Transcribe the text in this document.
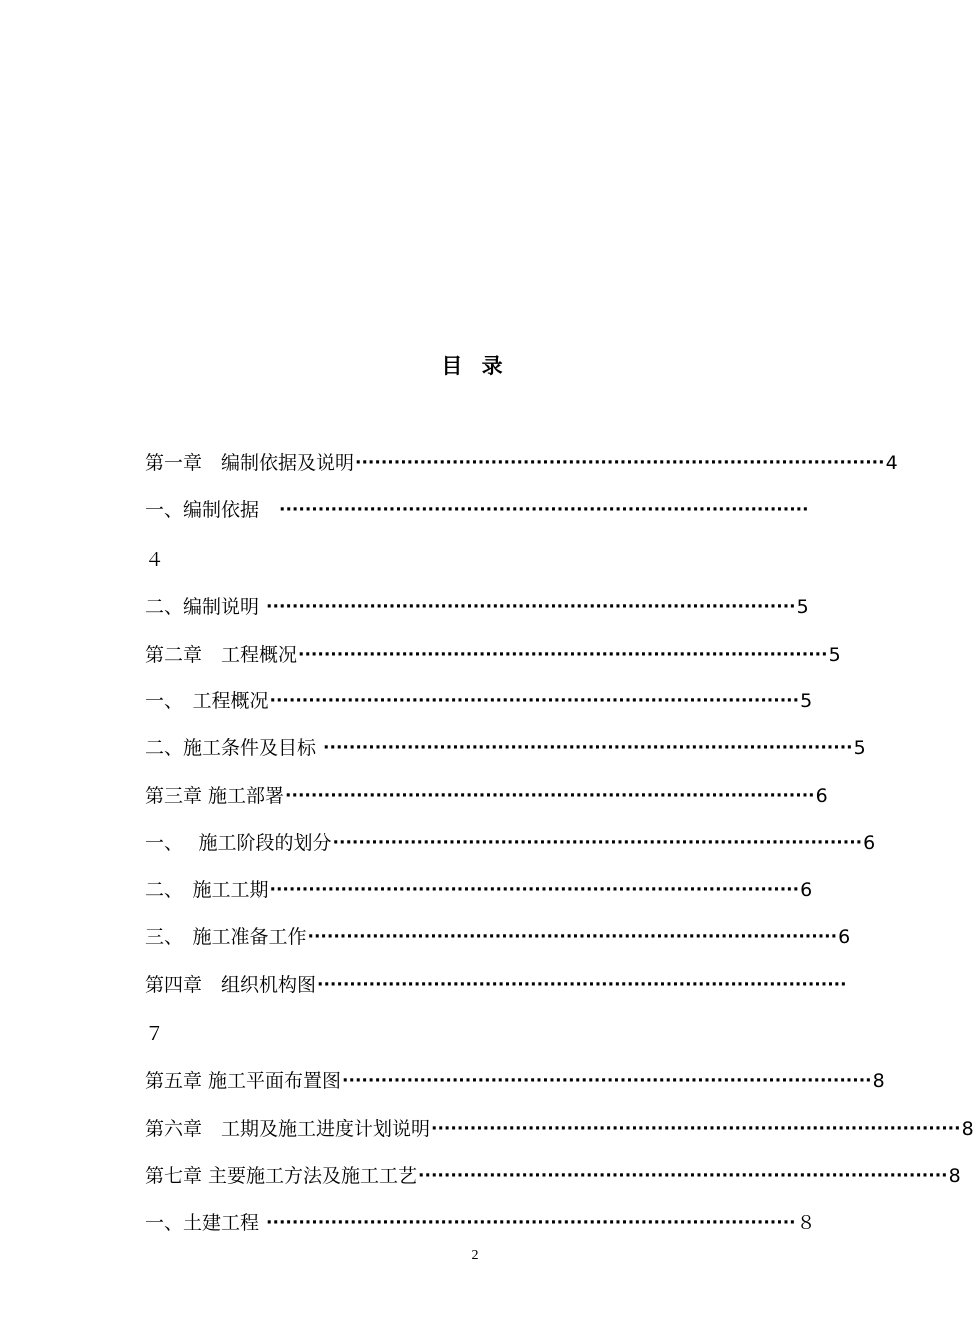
目 录
第一章　编制依据及说明 ·················································································· 4
一、编制依据　 ··················································································
４
二、编制说明 ·················································································· 5
第二章　工程概况 ·················································································· 5
一、　工程概况 ·················································································· 5
二、施工条件及目标 ·················································································· 5
第三章 施工部署 ·················································································· 6
一、　 施工阶段的划分 ·················································································· 6
二、　施工工期 ·················································································· 6
三、　施工准备工作 ·················································································· 6
第四章　组织机构图 ··················································································
７
第五章 施工平面布置图 ·················································································· 8
第六章　工期及施工进度计划说明 ·················································································· 8
第七章 主要施工方法及施工工艺 ·················································································· 8
一、土建工程 ·················································································· ８
2
